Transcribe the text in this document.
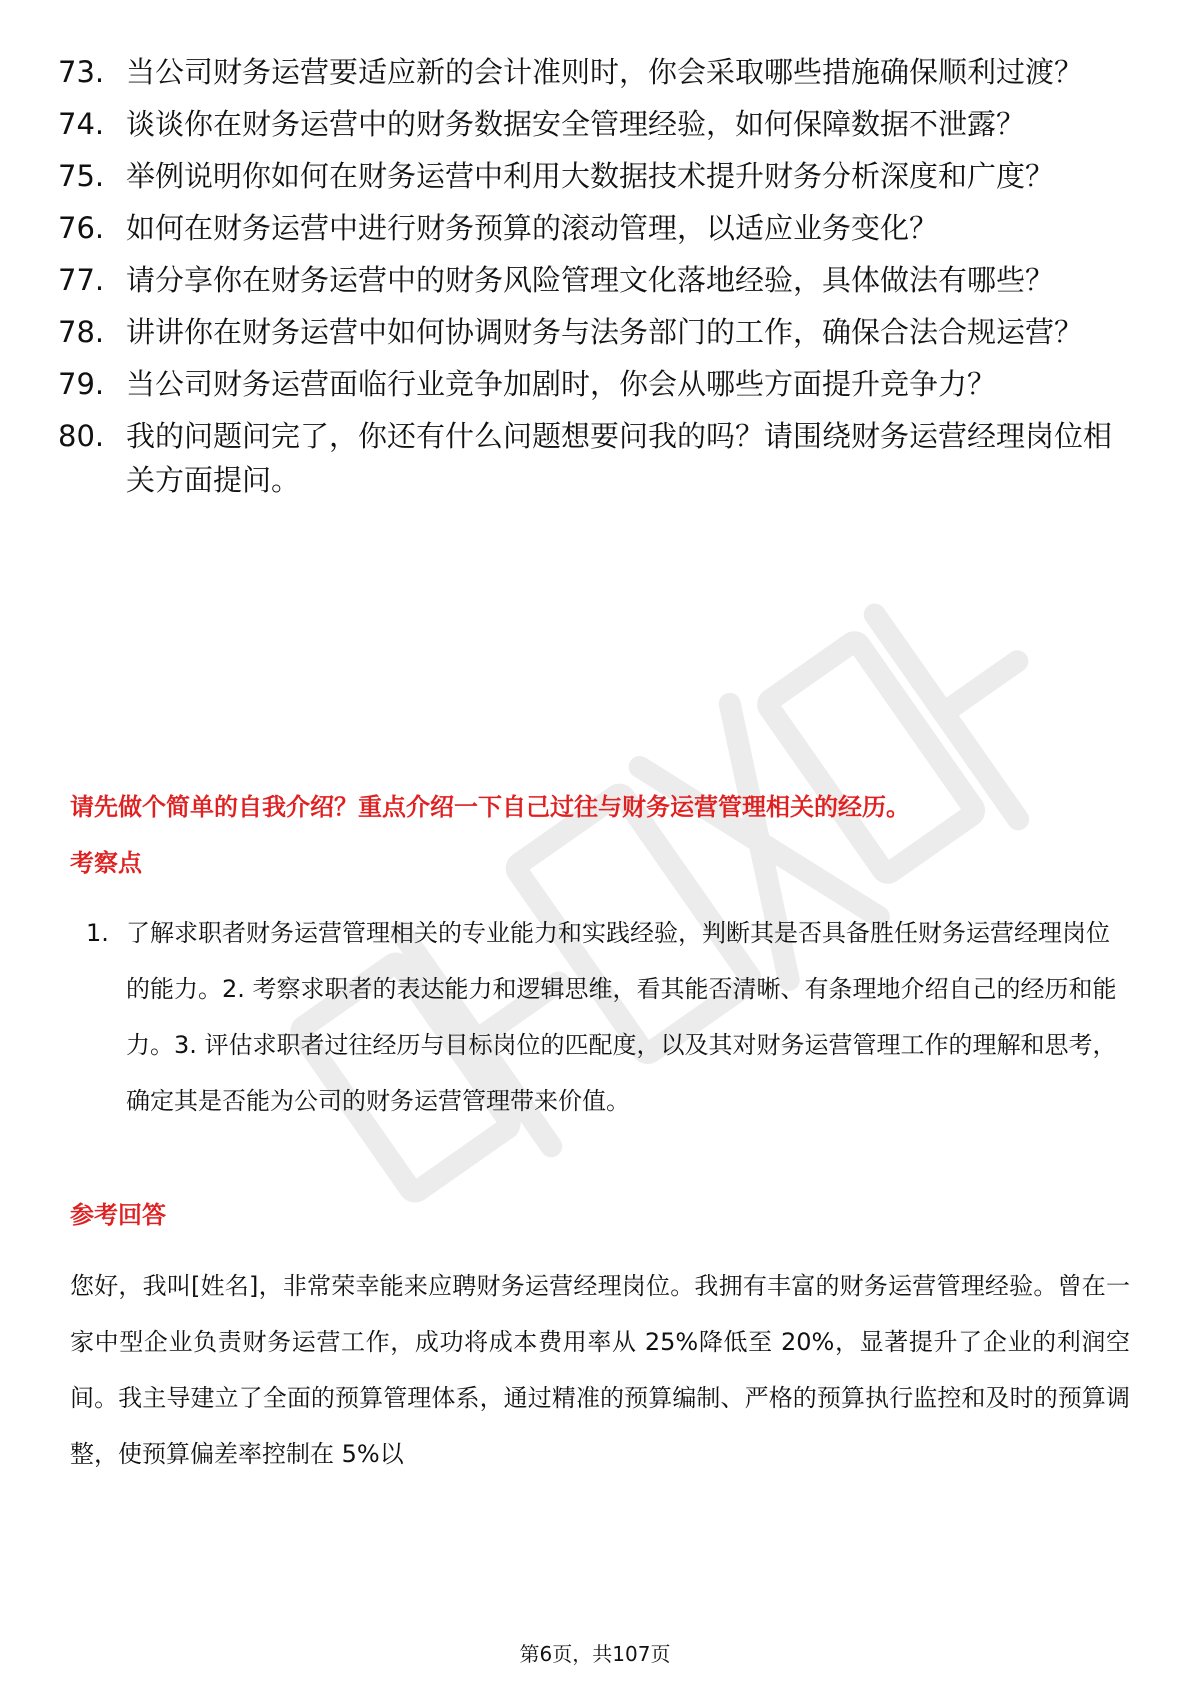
73. 当公司财务运营要适应新的会计准则时，你会采取哪些措施确保顺利过渡？
74. 谈谈你在财务运营中的财务数据安全管理经验，如何保障数据不泄露？
75. 举例说明你如何在财务运营中利用大数据技术提升财务分析深度和广度？
76. 如何在财务运营中进行财务预算的滚动管理，以适应业务变化？
77. 请分享你在财务运营中的财务风险管理文化落地经验，具体做法有哪些？
78. 讲讲你在财务运营中如何协调财务与法务部门的工作，确保合法合规运营？
79. 当公司财务运营面临行业竞争加剧时，你会从哪些方面提升竞争力？
80. 我的问题问完了，你还有什么问题想要问我的吗？请围绕财务运营经理岗位相关方面提问。
请先做个简单的自我介绍？重点介绍一下自己过往与财务运营管理相关的经历。
考察点
1. 了解求职者财务运营管理相关的专业能力和实践经验，判断其是否具备胜任财务运营经理岗位的能力。2. 考察求职者的表达能力和逻辑思维，看其能否清晰、有条理地介绍自己的经历和能力。3. 评估求职者过往经历与目标岗位的匹配度，以及其对财务运营管理工作的理解和思考，确定其是否能为公司的财务运营管理带来价值。
参考回答
您好，我叫[姓名]，非常荣幸能来应聘财务运营经理岗位。我拥有丰富的财务运营管理经验。曾在一家中型企业负责财务运营工作，成功将成本费用率从 25%降低至 20%，显著提升了企业的利润空间。我主导建立了全面的预算管理体系，通过精准的预算编制、严格的预算执行监控和及时的预算调整，使预算偏差率控制在 5%以
第6页，共107页
